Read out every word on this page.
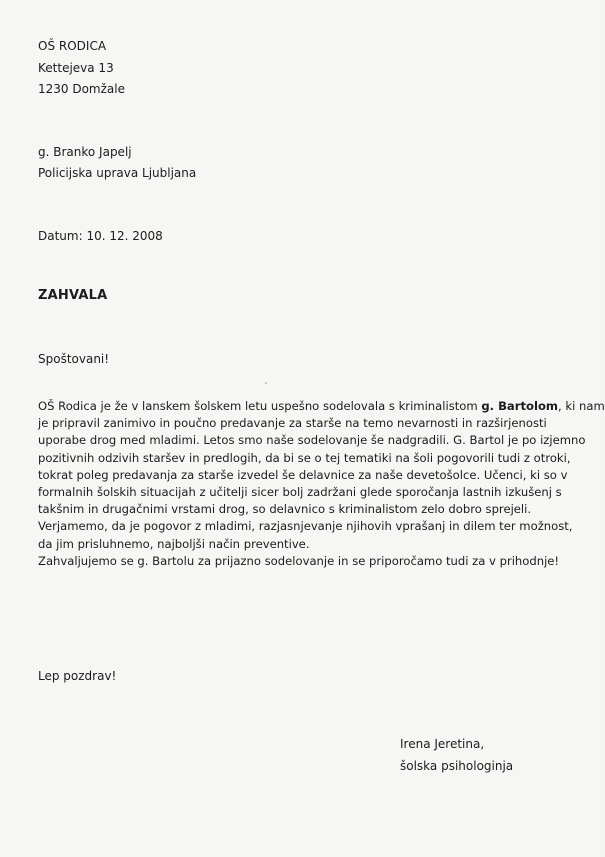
OŠ RODICA
Kettejeva 13
1230 Domžale
g. Branko Japelj
Policijska uprava Ljubljana
Datum: 10. 12. 2008
ZAHVALA
Spoštovani!

OŠ Rodica je že v lanskem šolskem letu uspešno sodelovala s kriminalistom g. Bartolom, ki nam

je pripravil zanimivo in poučno predavanje za starše na temo nevarnosti in razširjenosti

uporabe drog med mladimi. Letos smo naše sodelovanje še nadgradili. G. Bartol je po izjemno

pozitivnih odzivih staršev in predlogih, da bi se o tej tematiki na šoli pogovorili tudi z otroki,

tokrat poleg predavanja za starše izvedel še delavnice za naše devetošolce. Učenci, ki so v

formalnih šolskih situacijah z učitelji sicer bolj zadržani glede sporočanja lastnih izkušenj s

takšnim in drugačnimi vrstami drog, so delavnico s kriminalistom zelo dobro sprejeli.

Verjamemo, da je pogovor z mladimi, razjasnjevanje njihovih vprašanj in dilem ter možnost,

da jim prisluhnemo, najboljši način preventive.

Zahvaljujemo se g. Bartolu za prijazno sodelovanje in se priporočamo tudi za v prihodnje!

Lep pozdrav!
Irena Jeretina,
šolska psihologinja
